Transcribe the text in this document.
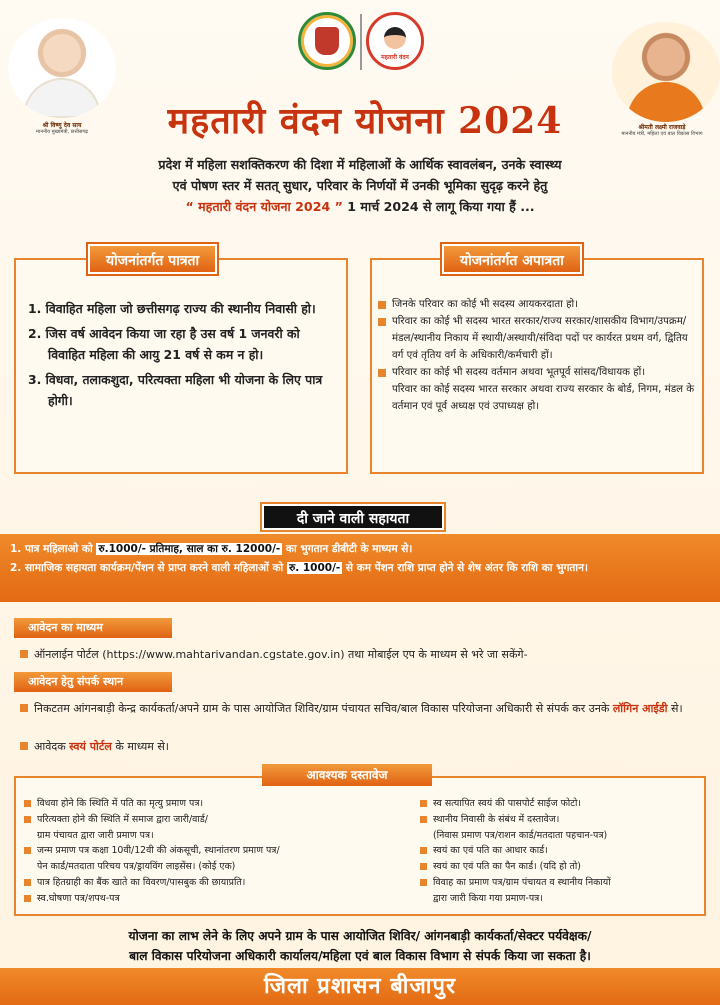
श्री विष्णु देव साय
माननीय मुख्यमंत्री, छत्तीसगढ़
महतारी वंदन
श्रीमती लक्ष्मी राजवाड़े
माननीय मंत्री, महिला एवं बाल विकास विभाग
महतारी वंदन योजना 2024
प्रदेश में महिला सशक्तिकरण की दिशा में महिलाओं के आर्थिक स्वावलंबन, उनके स्वास्थ्य
एवं पोषण स्तर में सतत् सुधार, परिवार के निर्णयों में उनकी भूमिका सुदृढ़ करने हेतु
“ महतारी वंदन योजना 2024 ” 1 मार्च 2024 से लागू किया गया हैं ...
योजनांतर्गत पात्रता
1. विवाहित महिला जो छत्तीसगढ़ राज्य की स्थानीय निवासी हो।
2. जिस वर्ष आवेदन किया जा रहा है उस वर्ष 1 जनवरी को विवाहित महिला की आयु 21 वर्ष से कम न हो।
3. विधवा, तलाकशुदा, परित्यक्ता महिला भी योजना के लिए पात्र होगी।
योजनांतर्गत अपात्रता
जिनके परिवार का कोई भी सदस्य आयकरदाता हो।
परिवार का कोई भी सदस्य भारत सरकार/राज्य सरकार/शासकीय विभाग/उपक्रम/मंडल/स्थानीय निकाय में स्थायी/अस्थायी/संविदा पदों पर कार्यरत प्रथम वर्ग, द्वितिय वर्ग एवं तृतिय वर्ग के अधिकारी/कर्मचारी हों।
परिवार का कोई भी सदस्य वर्तमान अथवा भूतपूर्व सांसद/विधायक हों।
परिवार का कोई सदस्य भारत सरकार अथवा राज्य सरकार के बोर्ड, निगम, मंडल के वर्तमान एवं पूर्व अध्यक्ष एवं उपाध्यक्ष हो।
दी जाने वाली सहायता
1. पात्र महिलाओ को रु.1000/- प्रतिमाह, साल का रु. 12000/- का भुगतान डीबीटी के माध्यम से।
2. सामाजिक सहायता कार्यक्रम/पेंशन से प्राप्त करने वाली महिलाओं को रु. 1000/- से कम पेंशन राशि प्राप्त होने से शेष अंतर कि राशि का भुगतान।
आवेदन का माध्यम
ऑनलाईन पोर्टल (https://www.mahtarivandan.cgstate.gov.in) तथा मोबाईल एप के माध्यम से भरे जा सकेंगे-
आवेदन हेतु संपर्क स्थान
निकटतम आंगनबाड़ी केन्द्र कार्यकर्ता/अपने ग्राम के पास आयोजित शिविर/ग्राम पंचायत सचिव/बाल विकास परियोजना अधिकारी से संपर्क कर उनके लॉगिन आईडी से।
आवेदक स्वयं पोर्टल के माध्यम से।
विधवा होने कि स्थिति में पति का मृत्यु प्रमाण पत्र।
परित्यक्ता होने की स्थिति में समाज द्वारा जारी/वार्ड/
ग्राम पंचायत द्वारा जारी प्रमाण पत्र।
जन्म प्रमाण पत्र कक्षा 10वी/12वी की अंकसूची, स्थानांतरण प्रमाण पत्र/
पेन कार्ड/मतदाता परिचय पत्र/ड्रायविंग लाइसेंस। (कोई एक)
पात्र हितग्राही का बैंक खाते का विवरण/पासबुक की छायाप्रति।
स्व.घोषणा पत्र/शपथ-पत्र
स्व सत्यापित स्वयं की पासपोर्ट साईज फोटो।
स्थानीय निवासी के संबंध में दस्तावेज।
(निवास प्रमाण पत्र/राशन कार्ड/मतदाता पहचान-पत्र)
स्वयं का एवं पति का आधार कार्ड।
स्वयं का एवं पति का पैन कार्ड। (यदि हो तो)
विवाह का प्रमाण पत्र/ग्राम पंचायत व स्थानीय निकायों
द्वारा जारी किया गया प्रमाण-पत्र।
आवश्यक दस्तावेज
योजना का लाभ लेने के लिए अपने ग्राम के पास आयोजित शिविर/ आंगनबाड़ी कार्यकर्ता/सेक्टर पर्यवेक्षक/
बाल विकास परियोजना अधिकारी कार्यालय/महिला एवं बाल विकास विभाग से संपर्क किया जा सकता है।
जिला प्रशासन बीजापुर
